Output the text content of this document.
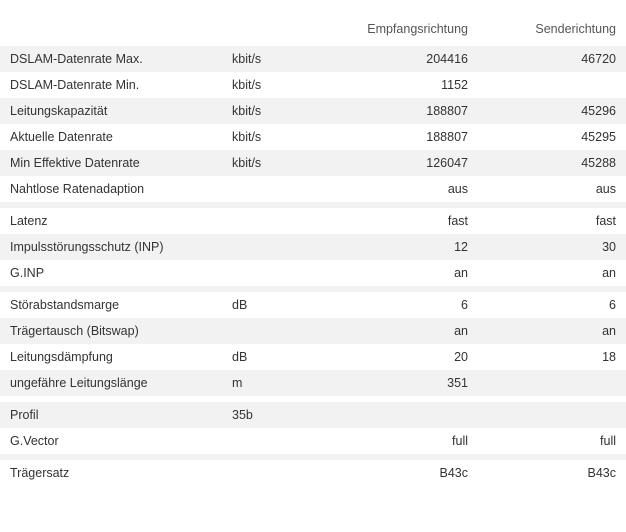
		Empfangsrichtung	Senderichtung
DSLAM-Datenrate Max.	kbit/s	204416	46720
DSLAM-Datenrate Min.	kbit/s	1152	
Leitungskapazität	kbit/s	188807	45296
Aktuelle Datenrate	kbit/s	188807	45295
Min Effektive Datenrate	kbit/s	126047	45288
Nahtlose Ratenadaption		aus	aus

Latenz		fast	fast
Impulsstörungsschutz (INP)		12	30
G.INP		an	an

Störabstandsmarge	dB	6	6
Trägertausch (Bitswap)		an	an
Leitungsdämpfung	dB	20	18
ungefähre Leitungslänge	m	351	

Profil	35b		
G.Vector		full	full

Trägersatz		B43c	B43c
